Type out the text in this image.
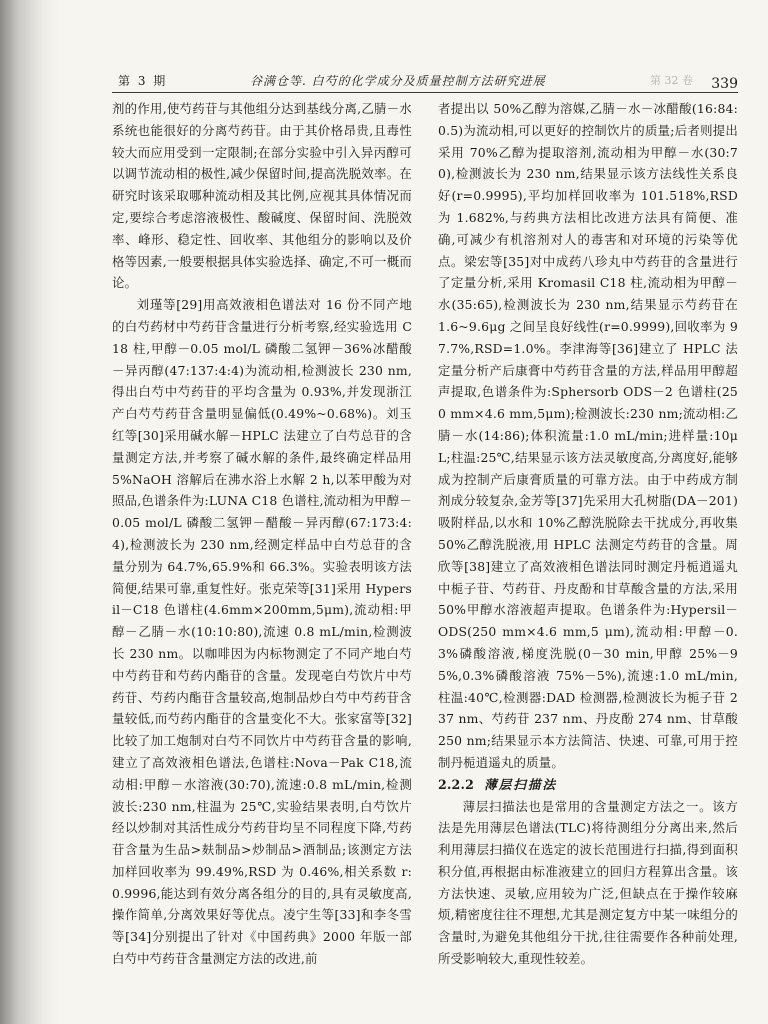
第 3 期	谷满仓等. 白芍的化学成分及质量控制方法研究进展	第 32 卷 339

剂的作用,使芍药苷与其他组分达到基线分离,乙腈－水系统也能很好的分离芍药苷。由于其价格昂贵,且毒性较大而应用受到一定限制;在部分实验中引入异丙醇可以调节流动相的极性,减少保留时间,提高洗脱效率。在研究时该采取哪种流动相及其比例,应视其具体情况而定,要综合考虑溶液极性、酸碱度、保留时间、洗脱效率、峰形、稳定性、回收率、其他组分的影响以及价格等因素,一般要根据具体实验选择、确定,不可一概而论。

刘瑾等[29]用高效液相色谱法对 16 份不同产地的白芍药材中芍药苷含量进行分析考察,经实验选用 C18 柱,甲醇－0.05 mol/L 磷酸二氢钾－36%冰醋酸－异丙醇(47:137:4:4)为流动相,检测波长 230 nm,得出白芍中芍药苷的平均含量为 0.93%,并发现浙江产白芍芍药苷含量明显偏低(0.49%~0.68%)。刘玉红等[30]采用碱水解－HPLC 法建立了白芍总苷的含量测定方法,并考察了碱水解的条件,最终确定样品用 5%NaOH 溶解后在沸水浴上水解 2 h,以苯甲酸为对照品,色谱条件为:LUNA C18 色谱柱,流动相为甲醇－0.05 mol/L 磷酸二氢钾－醋酸－异丙醇(67:173:4:4),检测波长为 230 nm,经测定样品中白芍总苷的含量分别为 64.7%,65.9%和 66.3%。实验表明该方法简便,结果可靠,重复性好。张克荣等[31]采用 Hypersil－C18 色谱柱(4.6mm×200mm,5μm),流动相:甲醇－乙腈－水(10:10:80),流速 0.8 mL/min,检测波长 230 nm。以咖啡因为内标物测定了不同产地白芍中芍药苷和芍药内酯苷的含量。发现亳白芍饮片中芍药苷、芍药内酯苷含量较高,炮制品炒白芍中芍药苷含量较低,而芍药内酯苷的含量变化不大。张家富等[32]比较了加工炮制对白芍不同饮片中芍药苷含量的影响,建立了高效液相色谱法,色谱柱:Nova－Pak C18,流动相:甲醇－水溶液(30:70),流速:0.8 mL/min,检测波长:230 nm,柱温为 25℃,实验结果表明,白芍饮片经以炒制对其活性成分芍药苷均呈不同程度下降,芍药苷含量为生品>麸制品>炒制品>酒制品;该测定方法加样回收率为 99.49%,RSD 为 0.46%,相关系数 r:0.9996,能达到有效分离各组分的目的,具有灵敏度高,操作简单,分离效果好等优点。凌宁生等[33]和李冬雪等[34]分别提出了针对《中国药典》2000 年版一部白芍中芍药苷含量测定方法的改进,前

者提出以 50%乙醇为溶媒,乙腈－水－冰醋酸(16:84:0.5)为流动相,可以更好的控制饮片的质量;后者则提出采用 70%乙醇为提取溶剂,流动相为甲醇－水(30:70),检测波长为 230 nm,结果显示该方法线性关系良好(r=0.9995),平均加样回收率为 101.518%,RSD 为 1.682%,与药典方法相比改进方法具有简便、准确,可减少有机溶剂对人的毒害和对环境的污染等优点。梁宏等[35]对中成药八珍丸中芍药苷的含量进行了定量分析,采用 Kromasil C18 柱,流动相为甲醇－水(35:65),检测波长为 230 nm,结果显示芍药苷在 1.6~9.6μg 之间呈良好线性(r=0.9999),回收率为 97.7%,RSD=1.0%。李津海等[36]建立了 HPLC 法定量分析产后康膏中芍药苷含量的方法,样品用甲醇超声提取,色谱条件为:Sphersorb ODS－2 色谱柱(250 mm×4.6 mm,5μm);检测波长:230 nm;流动相:乙腈－水(14:86);体积流量:1.0 mL/min;进样量:10μL;柱温:25℃,结果显示该方法灵敏度高,分离度好,能够成为控制产后康膏质量的可靠方法。由于中药成方制剂成分较复杂,金芳等[37]先采用大孔树脂(DA－201)吸附样品,以水和 10%乙醇洗脱除去干扰成分,再收集 50%乙醇洗脱液,用 HPLC 法测定芍药苷的含量。周欣等[38]建立了高效液相色谱法同时测定丹栀逍遥丸中栀子苷、芍药苷、丹皮酚和甘草酸含量的方法,采用 50%甲醇水溶液超声提取。色谱条件为:Hypersil－ ODS(250 mm×4.6 mm,5 μm),流动相:甲醇－0.3%磷酸溶液,梯度洗脱(0－30 min,甲醇 25%－95%,0.3%磷酸溶液 75%－5%),流速:1.0 mL/min,柱温:40℃,检测器:DAD 检测器,检测波长为栀子苷 237 nm、芍药苷 237 nm、丹皮酚 274 nm、甘草酸 250 nm;结果显示本方法简洁、快速、可靠,可用于控制丹栀逍遥丸的质量。

2.2.2 薄层扫描法

薄层扫描法也是常用的含量测定方法之一。该方法是先用薄层色谱法(TLC)将待测组分分离出来,然后利用薄层扫描仪在选定的波长范围进行扫描,得到面积积分值,再根据由标准液建立的回归方程算出含量。该方法快速、灵敏,应用较为广泛,但缺点在于操作较麻烦,精密度往往不理想,尤其是测定复方中某一味组分的含量时,为避免其他组分干扰,往往需要作各种前处理,所受影响较大,重现性较差。
